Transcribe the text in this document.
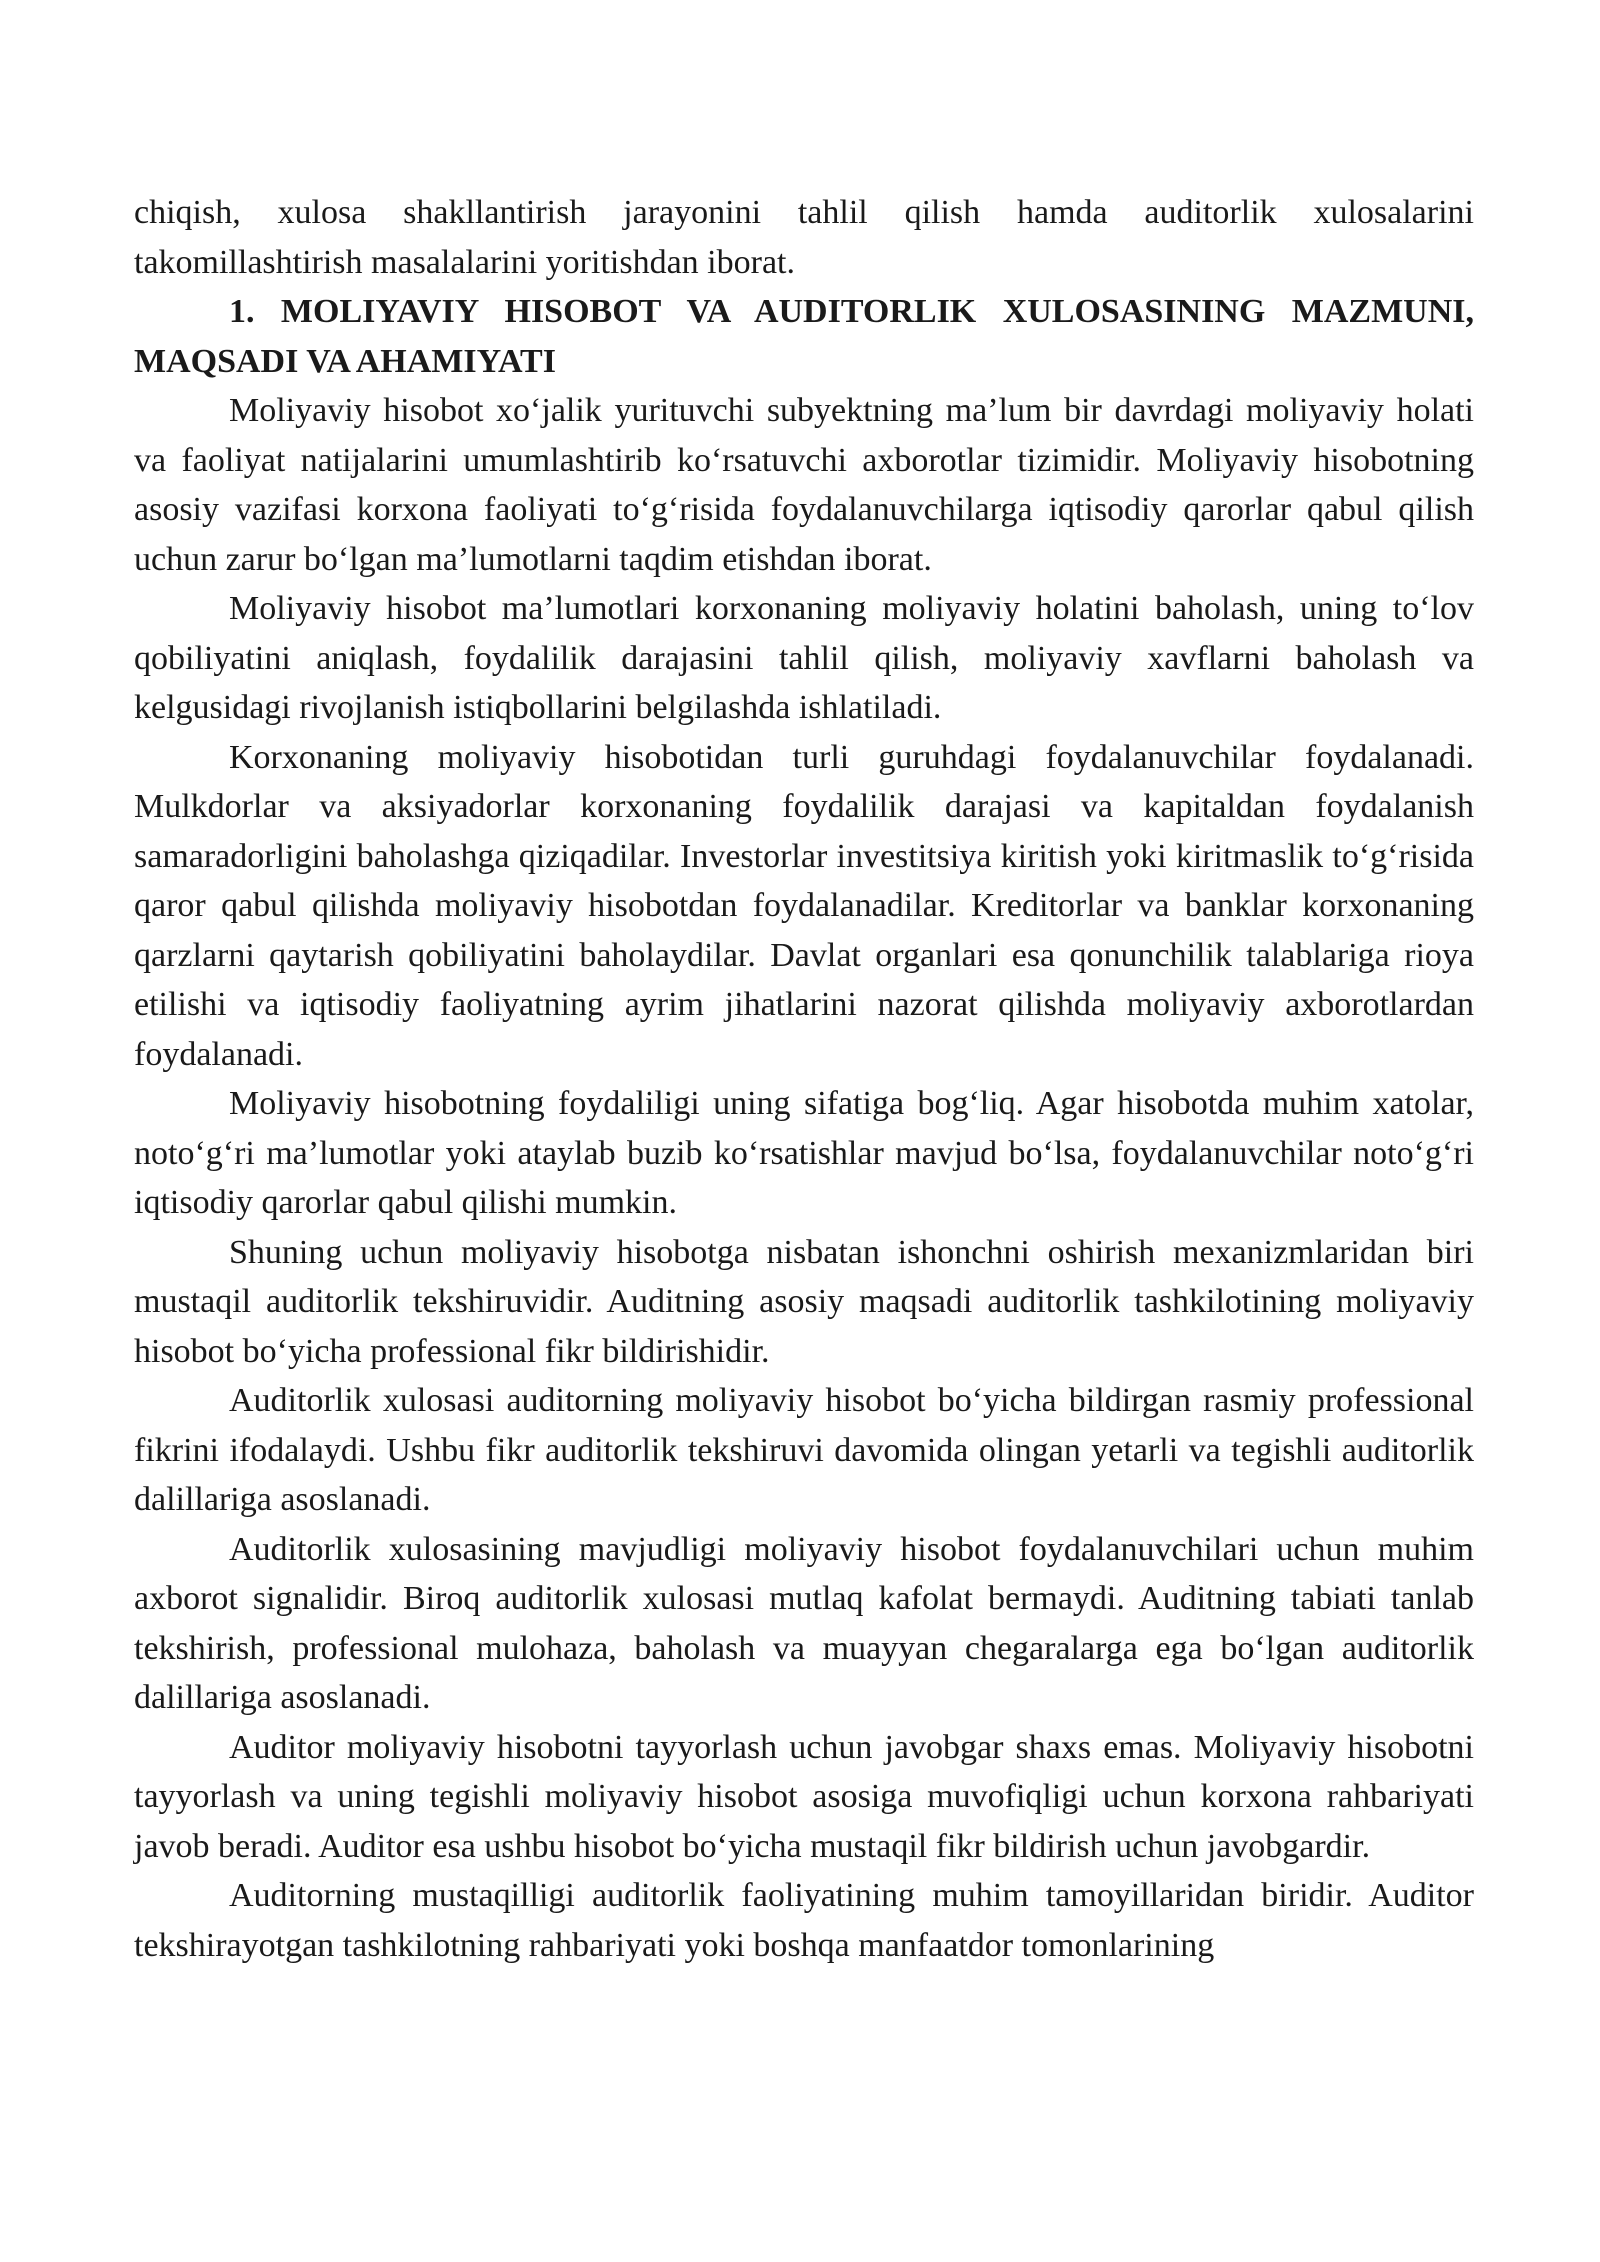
chiqish, xulosa shakllantirish jarayonini tahlil qilish hamda auditorlik xulosalarini takomillashtirish masalalarini yoritishdan iborat.

1. MOLIYAVIY HISOBOT VA AUDITORLIK XULOSASINING MAZMUNI, MAQSADI VA AHAMIYATI

Moliyaviy hisobot xo‘jalik yurituvchi subyektning ma’lum bir davrdagi moliyaviy holati va faoliyat natijalarini umumlashtirib ko‘rsatuvchi axborotlar tizimidir. Moliyaviy hisobotning asosiy vazifasi korxona faoliyati to‘g‘risida foydalanuvchilarga iqtisodiy qarorlar qabul qilish uchun zarur bo‘lgan ma’lumotlarni taqdim etishdan iborat.

Moliyaviy hisobot ma’lumotlari korxonaning moliyaviy holatini baholash, uning to‘lov qobiliyatini aniqlash, foydalilik darajasini tahlil qilish, moliyaviy xavflarni baholash va kelgusidagi rivojlanish istiqbollarini belgilashda ishlatiladi.

Korxonaning moliyaviy hisobotidan turli guruhdagi foydalanuvchilar foydalanadi. Mulkdorlar va aksiyadorlar korxonaning foydalilik darajasi va kapitaldan foydalanish samaradorligini baholashga qiziqadilar. Investorlar investitsiya kiritish yoki kiritmaslik to‘g‘risida qaror qabul qilishda moliyaviy hisobotdan foydalanadilar. Kreditorlar va banklar korxonaning qarzlarni qaytarish qobiliyatini baholaydilar. Davlat organlari esa qonunchilik talablariga rioya etilishi va iqtisodiy faoliyatning ayrim jihatlarini nazorat qilishda moliyaviy axborotlardan foydalanadi.

Moliyaviy hisobotning foydaliligi uning sifatiga bog‘liq. Agar hisobotda muhim xatolar, noto‘g‘ri ma’lumotlar yoki ataylab buzib ko‘rsatishlar mavjud bo‘lsa, foydalanuvchilar noto‘g‘ri iqtisodiy qarorlar qabul qilishi mumkin.

Shuning uchun moliyaviy hisobotga nisbatan ishonchni oshirish mexanizmlaridan biri mustaqil auditorlik tekshiruvidir. Auditning asosiy maqsadi auditorlik tashkilotining moliyaviy hisobot bo‘yicha professional fikr bildirishidir.

Auditorlik xulosasi auditorning moliyaviy hisobot bo‘yicha bildirgan rasmiy professional fikrini ifodalaydi. Ushbu fikr auditorlik tekshiruvi davomida olingan yetarli va tegishli auditorlik dalillariga asoslanadi.

Auditorlik xulosasining mavjudligi moliyaviy hisobot foydalanuvchilari uchun muhim axborot signalidir. Biroq auditorlik xulosasi mutlaq kafolat bermaydi. Auditning tabiati tanlab tekshirish, professional mulohaza, baholash va muayyan chegaralarga ega bo‘lgan auditorlik dalillariga asoslanadi.

Auditor moliyaviy hisobotni tayyorlash uchun javobgar shaxs emas. Moliyaviy hisobotni tayyorlash va uning tegishli moliyaviy hisobot asosiga muvofiqligi uchun korxona rahbariyati javob beradi. Auditor esa ushbu hisobot bo‘yicha mustaqil fikr bildirish uchun javobgardir.

Auditorning mustaqilligi auditorlik faoliyatining muhim tamoyillaridan biridir. Auditor tekshirayotgan tashkilotning rahbariyati yoki boshqa manfaatdor tomonlarining
